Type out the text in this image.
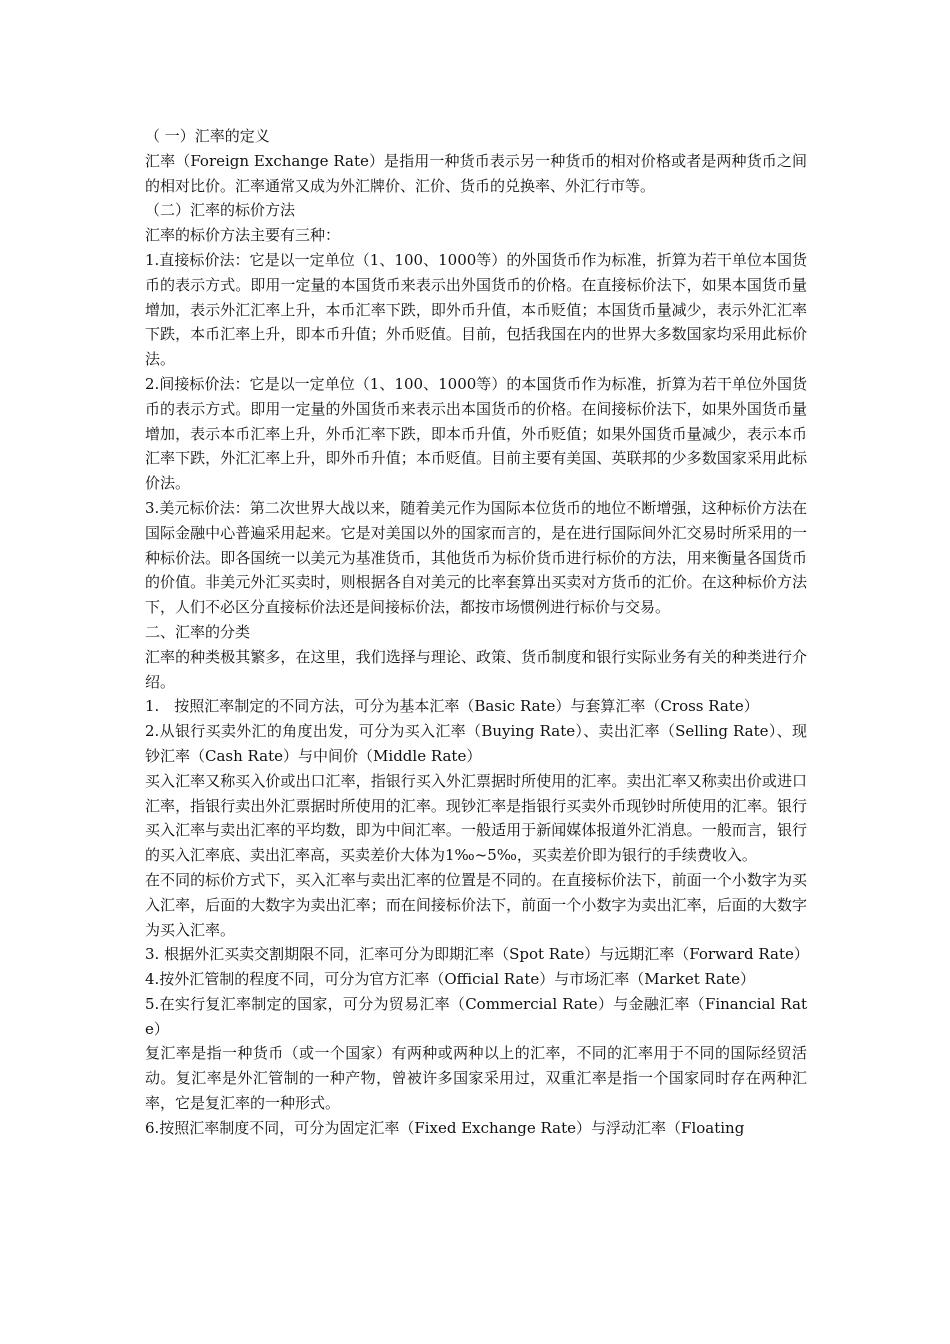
（ 一）汇率的定义

汇率（Foreign Exchange Rate）是指用一种货币表示另一种货币的相对价格或者是两种货币之间的相对比价。汇率通常又成为外汇牌价、汇价、货币的兑换率、外汇行市等。

（二）汇率的标价方法

汇率的标价方法主要有三种：

1.直接标价法：它是以一定单位（1、100、1000等）的外国货币作为标准，折算为若干单位本国货币的表示方式。即用一定量的本国货币来表示出外国货币的价格。在直接标价法下，如果本国货币量增加，表示外汇汇率上升，本币汇率下跌，即外币升值，本币贬值；本国货币量减少，表示外汇汇率下跌，本币汇率上升，即本币升值；外币贬值。目前，包括我国在内的世界大多数国家均采用此标价法。

2.间接标价法：它是以一定单位（1、100、1000等）的本国货币作为标准，折算为若干单位外国货币的表示方式。即用一定量的外国货币来表示出本国货币的价格。在间接标价法下，如果外国货币量增加，表示本币汇率上升，外币汇率下跌，即本币升值，外币贬值；如果外国货币量减少，表示本币汇率下跌，外汇汇率上升，即外币升值；本币贬值。目前主要有美国、英联邦的少多数国家采用此标价法。

3.美元标价法：第二次世界大战以来，随着美元作为国际本位货币的地位不断增强，这种标价方法在国际金融中心普遍采用起来。它是对美国以外的国家而言的，是在进行国际间外汇交易时所采用的一种标价法。即各国统一以美元为基准货币，其他货币为标价货币进行标价的方法，用来衡量各国货币的价值。非美元外汇买卖时，则根据各自对美元的比率套算出买卖对方货币的汇价。在这种标价方法下，人们不必区分直接标价法还是间接标价法，都按市场惯例进行标价与交易。

二、汇率的分类

汇率的种类极其繁多，在这里，我们选择与理论、政策、货币制度和银行实际业务有关的种类进行介绍。

1.　按照汇率制定的不同方法，可分为基本汇率（Basic Rate）与套算汇率（Cross Rate）

2.从银行买卖外汇的角度出发，可分为买入汇率（Buying Rate）、卖出汇率（Selling Rate）、现钞汇率（Cash Rate）与中间价（Middle Rate）

买入汇率又称买入价或出口汇率，指银行买入外汇票据时所使用的汇率。卖出汇率又称卖出价或进口汇率，指银行卖出外汇票据时所使用的汇率。现钞汇率是指银行买卖外币现钞时所使用的汇率。银行买入汇率与卖出汇率的平均数，即为中间汇率。一般适用于新闻媒体报道外汇消息。一般而言，银行的买入汇率底、卖出汇率高，买卖差价大体为1‰~5‰，买卖差价即为银行的手续费收入。

在不同的标价方式下，买入汇率与卖出汇率的位置是不同的。在直接标价法下，前面一个小数字为买入汇率，后面的大数字为卖出汇率；而在间接标价法下，前面一个小数字为卖出汇率，后面的大数字为买入汇率。

3. 根据外汇买卖交割期限不同，汇率可分为即期汇率（Spot Rate）与远期汇率（Forward Rate）

4.按外汇管制的程度不同，可分为官方汇率（Official Rate）与市场汇率（Market Rate）

5.在实行复汇率制定的国家，可分为贸易汇率（Commercial Rate）与金融汇率（Financial Rate）

复汇率是指一种货币（或一个国家）有两种或两种以上的汇率，不同的汇率用于不同的国际经贸活动。复汇率是外汇管制的一种产物，曾被许多国家采用过，双重汇率是指一个国家同时存在两种汇率，它是复汇率的一种形式。

6.按照汇率制度不同，可分为固定汇率（Fixed Exchange Rate）与浮动汇率（Floating
